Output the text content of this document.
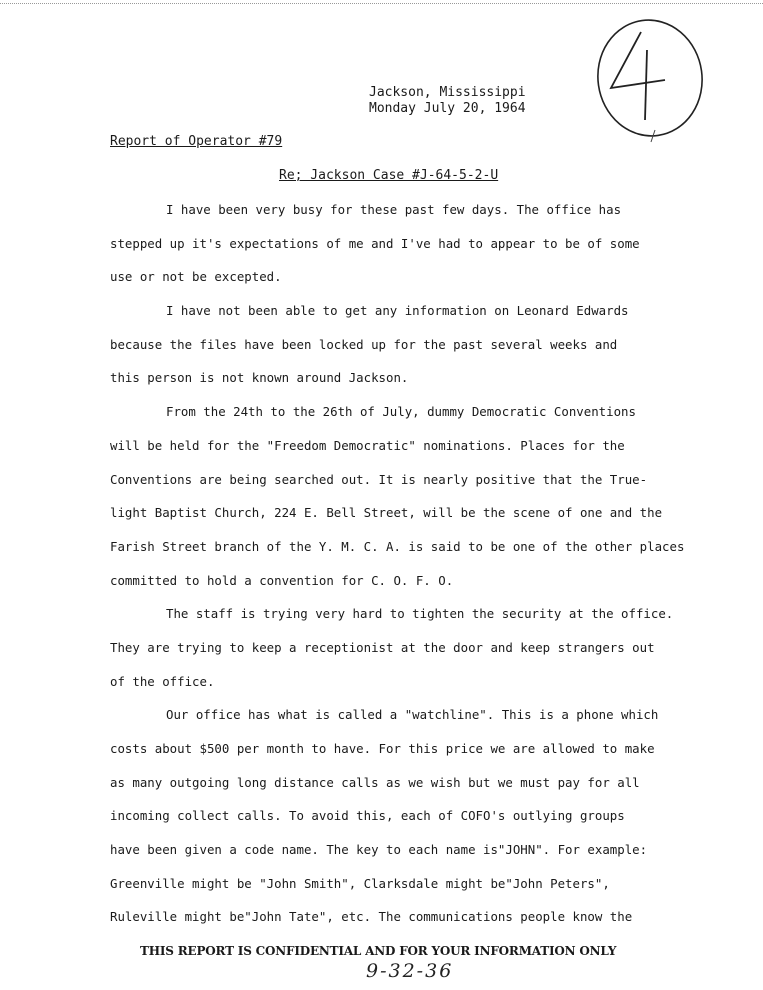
Jackson, Mississippi
Monday July 20, 1964
Report of Operator #79
Re; Jackson Case #J-64-5-2-U
I have been very busy for these past few days. The office has
stepped up it's expectations of me and I've had to appear to be of some
use or not be excepted.
I have not been able to get any information on Leonard Edwards
because the files have been locked up for the past several weeks and
this person is not known around Jackson.
From the 24th to the 26th of July, dummy Democratic Conventions
will be held for the "Freedom Democratic" nominations. Places for the
Conventions are being searched out. It is nearly positive that the True-
light Baptist Church, 224 E. Bell Street, will be the scene of one and the
Farish Street branch of the Y. M. C. A. is said to be one of the other places
committed to hold a convention for C. O. F. O.
The staff is trying very hard to tighten the security at the office.
They are trying to keep a receptionist at the door and keep strangers out
of the office.
Our office has what is called a "watchline". This is a phone which
costs about $500 per month to have. For this price we are allowed to make
as many outgoing long distance calls as we wish but we must pay for all
incoming collect calls. To avoid this, each of COFO's outlying groups
have been given a code name. The key to each name is"JOHN". For example:
Greenville might be "John Smith", Clarksdale might be"John Peters",
Ruleville might be"John Tate", etc. The communications people know the
THIS REPORT IS CONFIDENTIAL AND FOR YOUR INFORMATION ONLY
9-32-36
